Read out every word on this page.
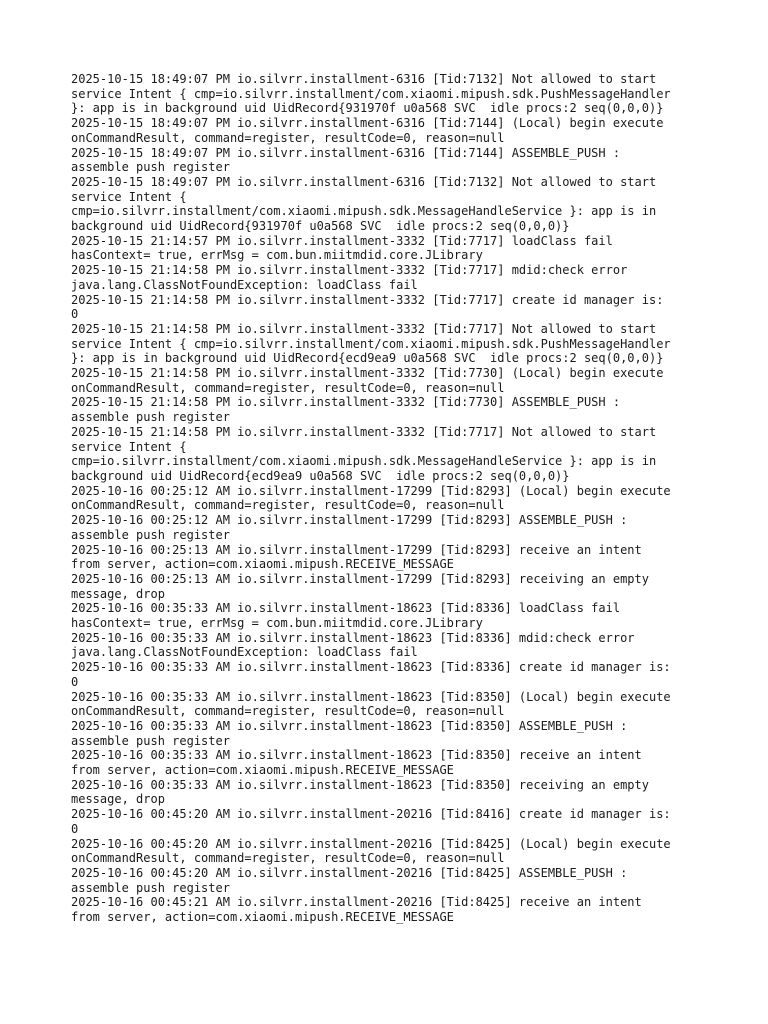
2025-10-15 18:49:07 PM io.silvrr.installment-6316 [Tid:7132] Not allowed to start

service Intent { cmp=io.silvrr.installment/com.xiaomi.mipush.sdk.PushMessageHandler

}: app is in background uid UidRecord{931970f u0a568 SVC  idle procs:2 seq(0,0,0)}

2025-10-15 18:49:07 PM io.silvrr.installment-6316 [Tid:7144] (Local) begin execute

onCommandResult, command=register, resultCode=0, reason=null

2025-10-15 18:49:07 PM io.silvrr.installment-6316 [Tid:7144] ASSEMBLE_PUSH :

assemble push register

2025-10-15 18:49:07 PM io.silvrr.installment-6316 [Tid:7132] Not allowed to start

service Intent {

cmp=io.silvrr.installment/com.xiaomi.mipush.sdk.MessageHandleService }: app is in

background uid UidRecord{931970f u0a568 SVC  idle procs:2 seq(0,0,0)}

2025-10-15 21:14:57 PM io.silvrr.installment-3332 [Tid:7717] loadClass fail

hasContext= true, errMsg = com.bun.miitmdid.core.JLibrary

2025-10-15 21:14:58 PM io.silvrr.installment-3332 [Tid:7717] mdid:check error

java.lang.ClassNotFoundException: loadClass fail

2025-10-15 21:14:58 PM io.silvrr.installment-3332 [Tid:7717] create id manager is:

0

2025-10-15 21:14:58 PM io.silvrr.installment-3332 [Tid:7717] Not allowed to start

service Intent { cmp=io.silvrr.installment/com.xiaomi.mipush.sdk.PushMessageHandler

}: app is in background uid UidRecord{ecd9ea9 u0a568 SVC  idle procs:2 seq(0,0,0)}

2025-10-15 21:14:58 PM io.silvrr.installment-3332 [Tid:7730] (Local) begin execute

onCommandResult, command=register, resultCode=0, reason=null

2025-10-15 21:14:58 PM io.silvrr.installment-3332 [Tid:7730] ASSEMBLE_PUSH :

assemble push register

2025-10-15 21:14:58 PM io.silvrr.installment-3332 [Tid:7717] Not allowed to start

service Intent {

cmp=io.silvrr.installment/com.xiaomi.mipush.sdk.MessageHandleService }: app is in

background uid UidRecord{ecd9ea9 u0a568 SVC  idle procs:2 seq(0,0,0)}

2025-10-16 00:25:12 AM io.silvrr.installment-17299 [Tid:8293] (Local) begin execute

onCommandResult, command=register, resultCode=0, reason=null

2025-10-16 00:25:12 AM io.silvrr.installment-17299 [Tid:8293] ASSEMBLE_PUSH :

assemble push register

2025-10-16 00:25:13 AM io.silvrr.installment-17299 [Tid:8293] receive an intent

from server, action=com.xiaomi.mipush.RECEIVE_MESSAGE

2025-10-16 00:25:13 AM io.silvrr.installment-17299 [Tid:8293] receiving an empty

message, drop

2025-10-16 00:35:33 AM io.silvrr.installment-18623 [Tid:8336] loadClass fail

hasContext= true, errMsg = com.bun.miitmdid.core.JLibrary

2025-10-16 00:35:33 AM io.silvrr.installment-18623 [Tid:8336] mdid:check error

java.lang.ClassNotFoundException: loadClass fail

2025-10-16 00:35:33 AM io.silvrr.installment-18623 [Tid:8336] create id manager is:

0

2025-10-16 00:35:33 AM io.silvrr.installment-18623 [Tid:8350] (Local) begin execute

onCommandResult, command=register, resultCode=0, reason=null

2025-10-16 00:35:33 AM io.silvrr.installment-18623 [Tid:8350] ASSEMBLE_PUSH :

assemble push register

2025-10-16 00:35:33 AM io.silvrr.installment-18623 [Tid:8350] receive an intent

from server, action=com.xiaomi.mipush.RECEIVE_MESSAGE

2025-10-16 00:35:33 AM io.silvrr.installment-18623 [Tid:8350] receiving an empty

message, drop

2025-10-16 00:45:20 AM io.silvrr.installment-20216 [Tid:8416] create id manager is:

0

2025-10-16 00:45:20 AM io.silvrr.installment-20216 [Tid:8425] (Local) begin execute

onCommandResult, command=register, resultCode=0, reason=null

2025-10-16 00:45:20 AM io.silvrr.installment-20216 [Tid:8425] ASSEMBLE_PUSH :

assemble push register

2025-10-16 00:45:21 AM io.silvrr.installment-20216 [Tid:8425] receive an intent

from server, action=com.xiaomi.mipush.RECEIVE_MESSAGE
